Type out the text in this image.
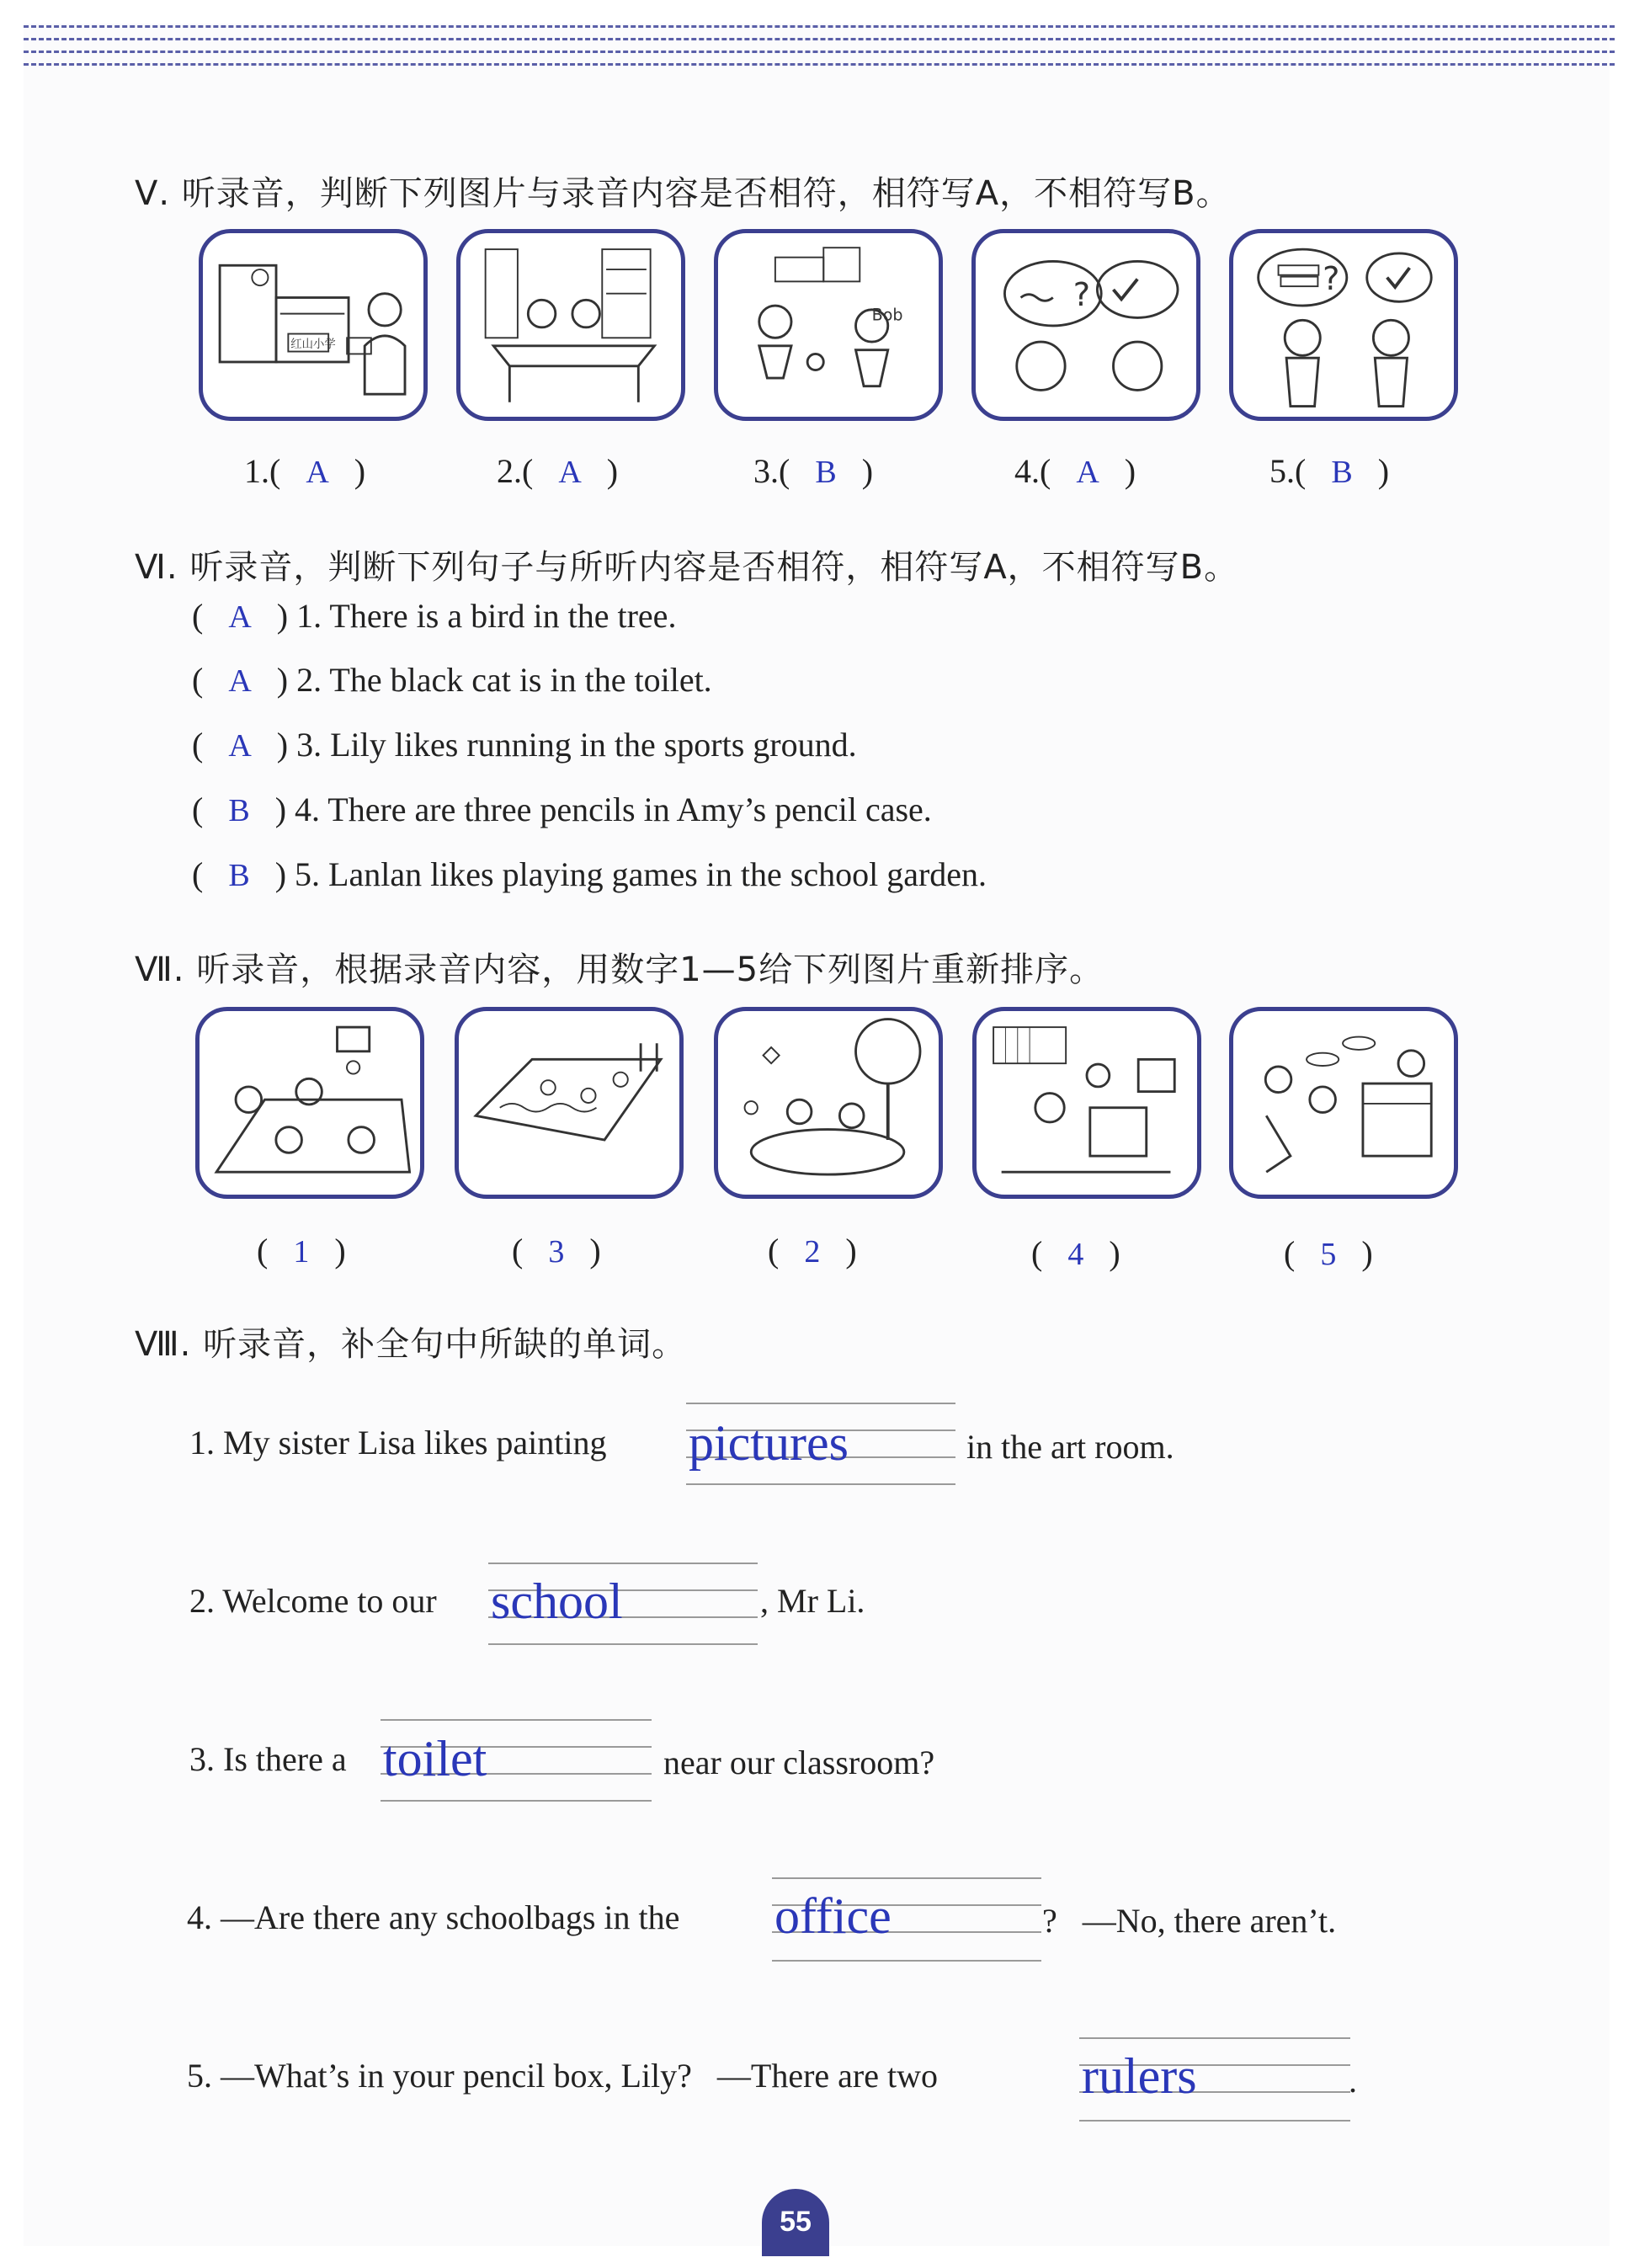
Ⅴ. 听录音，判断下列图片与录音内容是否相符，相符写A，不相符写B。
红山小学
Bob
?	?
1.(   A   )	2.(   A   )	3.(   B   )	4.(   A   )	5.(   B   )
Ⅵ. 听录音，判断下列句子与所听内容是否相符，相符写A，不相符写B。
(   A   ) 1. There is a bird in the tree.
(   A   ) 2. The black cat is in the toilet.
(   A   ) 3. Lily likes running in the sports ground.
(   B   ) 4. There are three pencils in Amy’s pencil case.
(   B   ) 5. Lanlan likes playing games in the school garden.
Ⅶ. 听录音，根据录音内容，用数字1—5给下列图片重新排序。
(   1   )	(   3   )	(   2   )	(   4   )	(   5   )
Ⅷ. 听录音，补全句中所缺的单词。
1. My sister Lisa likes painting pictures	in the art room.
2. Welcome to our school	, Mr Li.
3. Is there a toilet	near our classroom?
4. —Are there any schoolbags in the office	?   —No, there aren’t.
5. —What’s in your pencil box, Lily?   —There are two	rulers	.
55
